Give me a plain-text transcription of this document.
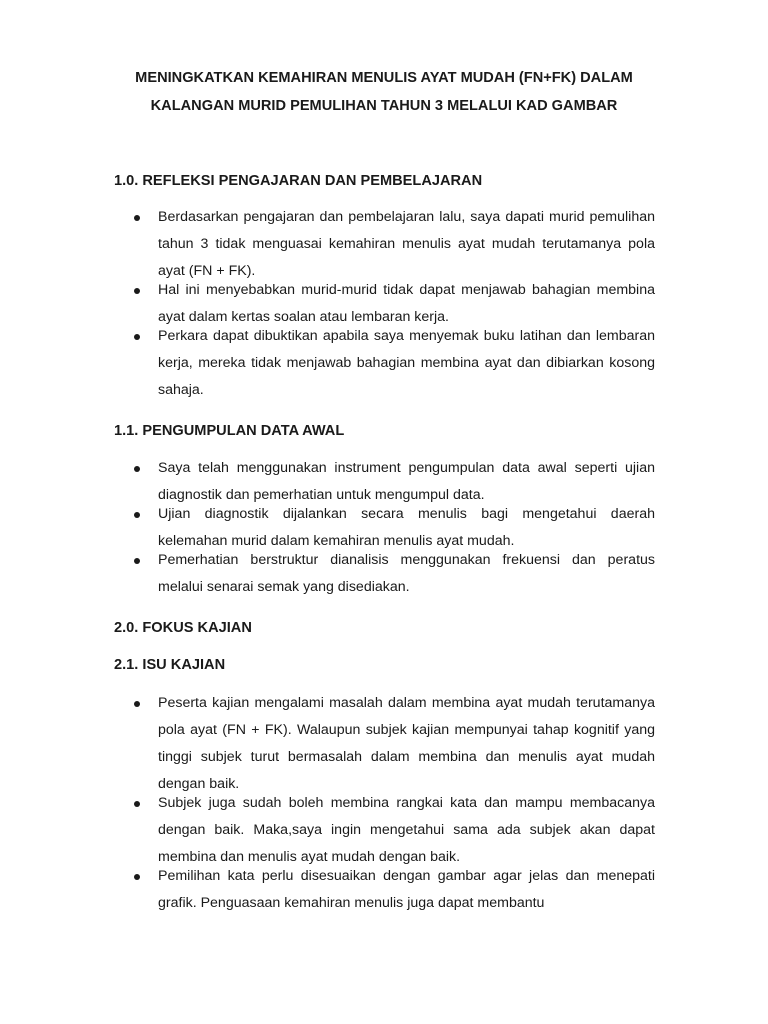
MENINGKATKAN KEMAHIRAN MENULIS AYAT MUDAH (FN+FK) DALAM
KALANGAN MURID PEMULIHAN TAHUN 3 MELALUI KAD GAMBAR
1.0. REFLEKSI PENGAJARAN DAN PEMBELAJARAN
Berdasarkan pengajaran dan pembelajaran lalu, saya dapati murid pemulihan tahun 3 tidak menguasai kemahiran menulis ayat mudah terutamanya pola ayat (FN + FK).
Hal ini menyebabkan murid-murid tidak dapat menjawab bahagian membina ayat dalam kertas soalan atau lembaran kerja.
Perkara dapat dibuktikan apabila saya menyemak buku latihan dan lembaran kerja, mereka tidak menjawab bahagian membina ayat dan dibiarkan kosong sahaja.
1.1. PENGUMPULAN DATA AWAL
Saya telah menggunakan instrument pengumpulan data awal seperti ujian diagnostik dan pemerhatian untuk mengumpul data.
Ujian diagnostik dijalankan secara menulis bagi mengetahui daerah kelemahan murid dalam kemahiran menulis ayat mudah.
Pemerhatian berstruktur dianalisis menggunakan frekuensi dan peratus melalui senarai semak yang disediakan.
2.0. FOKUS KAJIAN
2.1. ISU KAJIAN
Peserta kajian mengalami masalah dalam membina ayat mudah terutamanya pola ayat (FN + FK). Walaupun subjek kajian mempunyai tahap kognitif yang tinggi subjek turut bermasalah dalam membina dan menulis ayat mudah dengan baik.
Subjek juga sudah boleh membina rangkai kata dan mampu membacanya dengan baik. Maka,saya ingin mengetahui sama ada subjek akan dapat membina dan menulis ayat mudah dengan baik.
Pemilihan kata perlu disesuaikan dengan gambar agar jelas dan menepati grafik. Penguasaan kemahiran menulis juga dapat membantu
